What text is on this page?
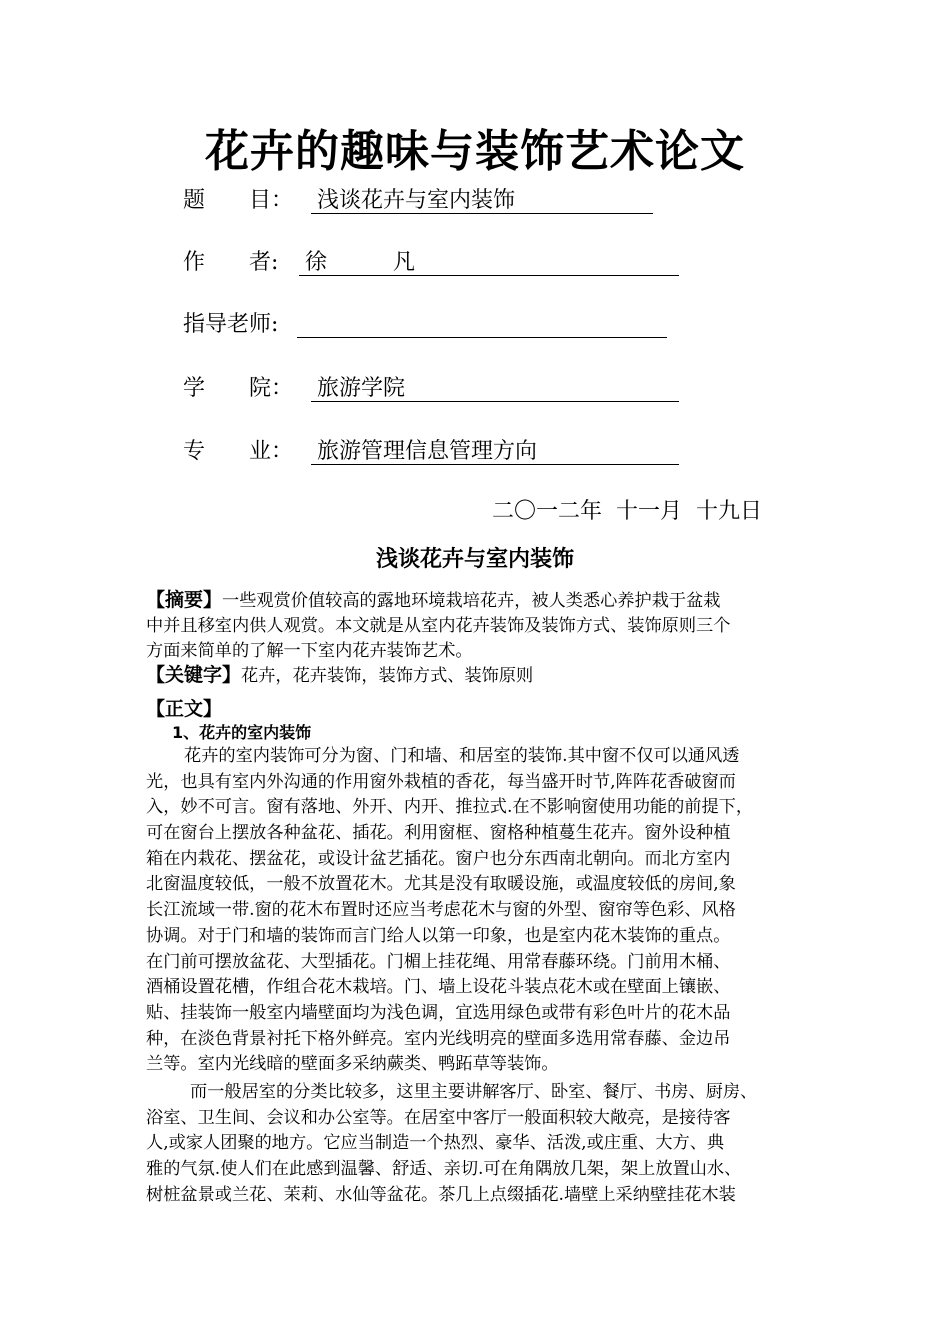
花卉的趣味与装饰艺术论文
题　　目： 浅谈花卉与室内装饰
作　　者: 徐　　　凡
指导老师:
学　　院： 旅游学院
专　　业： 旅游管理信息管理方向
二〇一二年  十一月  十九日
浅谈花卉与室内装饰
【摘要】一些观赏价值较高的露地环境栽培花卉，被人类悉心养护栽于盆栽
中并且移室内供人观赏。本文就是从室内花卉装饰及装饰方式、装饰原则三个
方面来简单的了解一下室内花卉装饰艺术。
【关键字】花卉，花卉装饰，装饰方式、装饰原则
【正文】
1、花卉的室内装饰
花卉的室内装饰可分为窗、门和墙、和居室的装饰.其中窗不仅可以通风透
光，也具有室内外沟通的作用窗外栽植的香花，每当盛开时节,阵阵花香破窗而
入，妙不可言。窗有落地、外开、内开、推拉式.在不影响窗使用功能的前提下，
可在窗台上摆放各种盆花、插花。利用窗框、窗格种植蔓生花卉。窗外设种植
箱在内栽花、摆盆花，或设计盆艺插花。窗户也分东西南北朝向。而北方室内
北窗温度较低，一般不放置花木。尤其是没有取暖设施，或温度较低的房间,象
长江流域一带.窗的花木布置时还应当考虑花木与窗的外型、窗帘等色彩、风格
协调。对于门和墙的装饰而言门给人以第一印象，也是室内花木装饰的重点。
在门前可摆放盆花、大型插花。门楣上挂花绳、用常春藤环绕。门前用木桶、
酒桶设置花槽，作组合花木栽培。门、墙上设花斗装点花木或在壁面上镶嵌、
贴、挂装饰一般室内墙壁面均为浅色调，宜选用绿色或带有彩色叶片的花木品
种，在淡色背景衬托下格外鲜亮。室内光线明亮的壁面多选用常春藤、金边吊
兰等。室内光线暗的壁面多采纳蕨类、鸭跖草等装饰。
而一般居室的分类比较多，这里主要讲解客厅、卧室、餐厅、书房、厨房、
浴室、卫生间、会议和办公室等。在居室中客厅一般面积较大敞亮，是接待客
人,或家人团聚的地方。它应当制造一个热烈、豪华、活泼,或庄重、大方、典
雅的气氛.使人们在此感到温馨、舒适、亲切.可在角隅放几架，架上放置山水、
树桩盆景或兰花、茉莉、水仙等盆花。茶几上点缀插花.墙壁上采纳壁挂花木装
